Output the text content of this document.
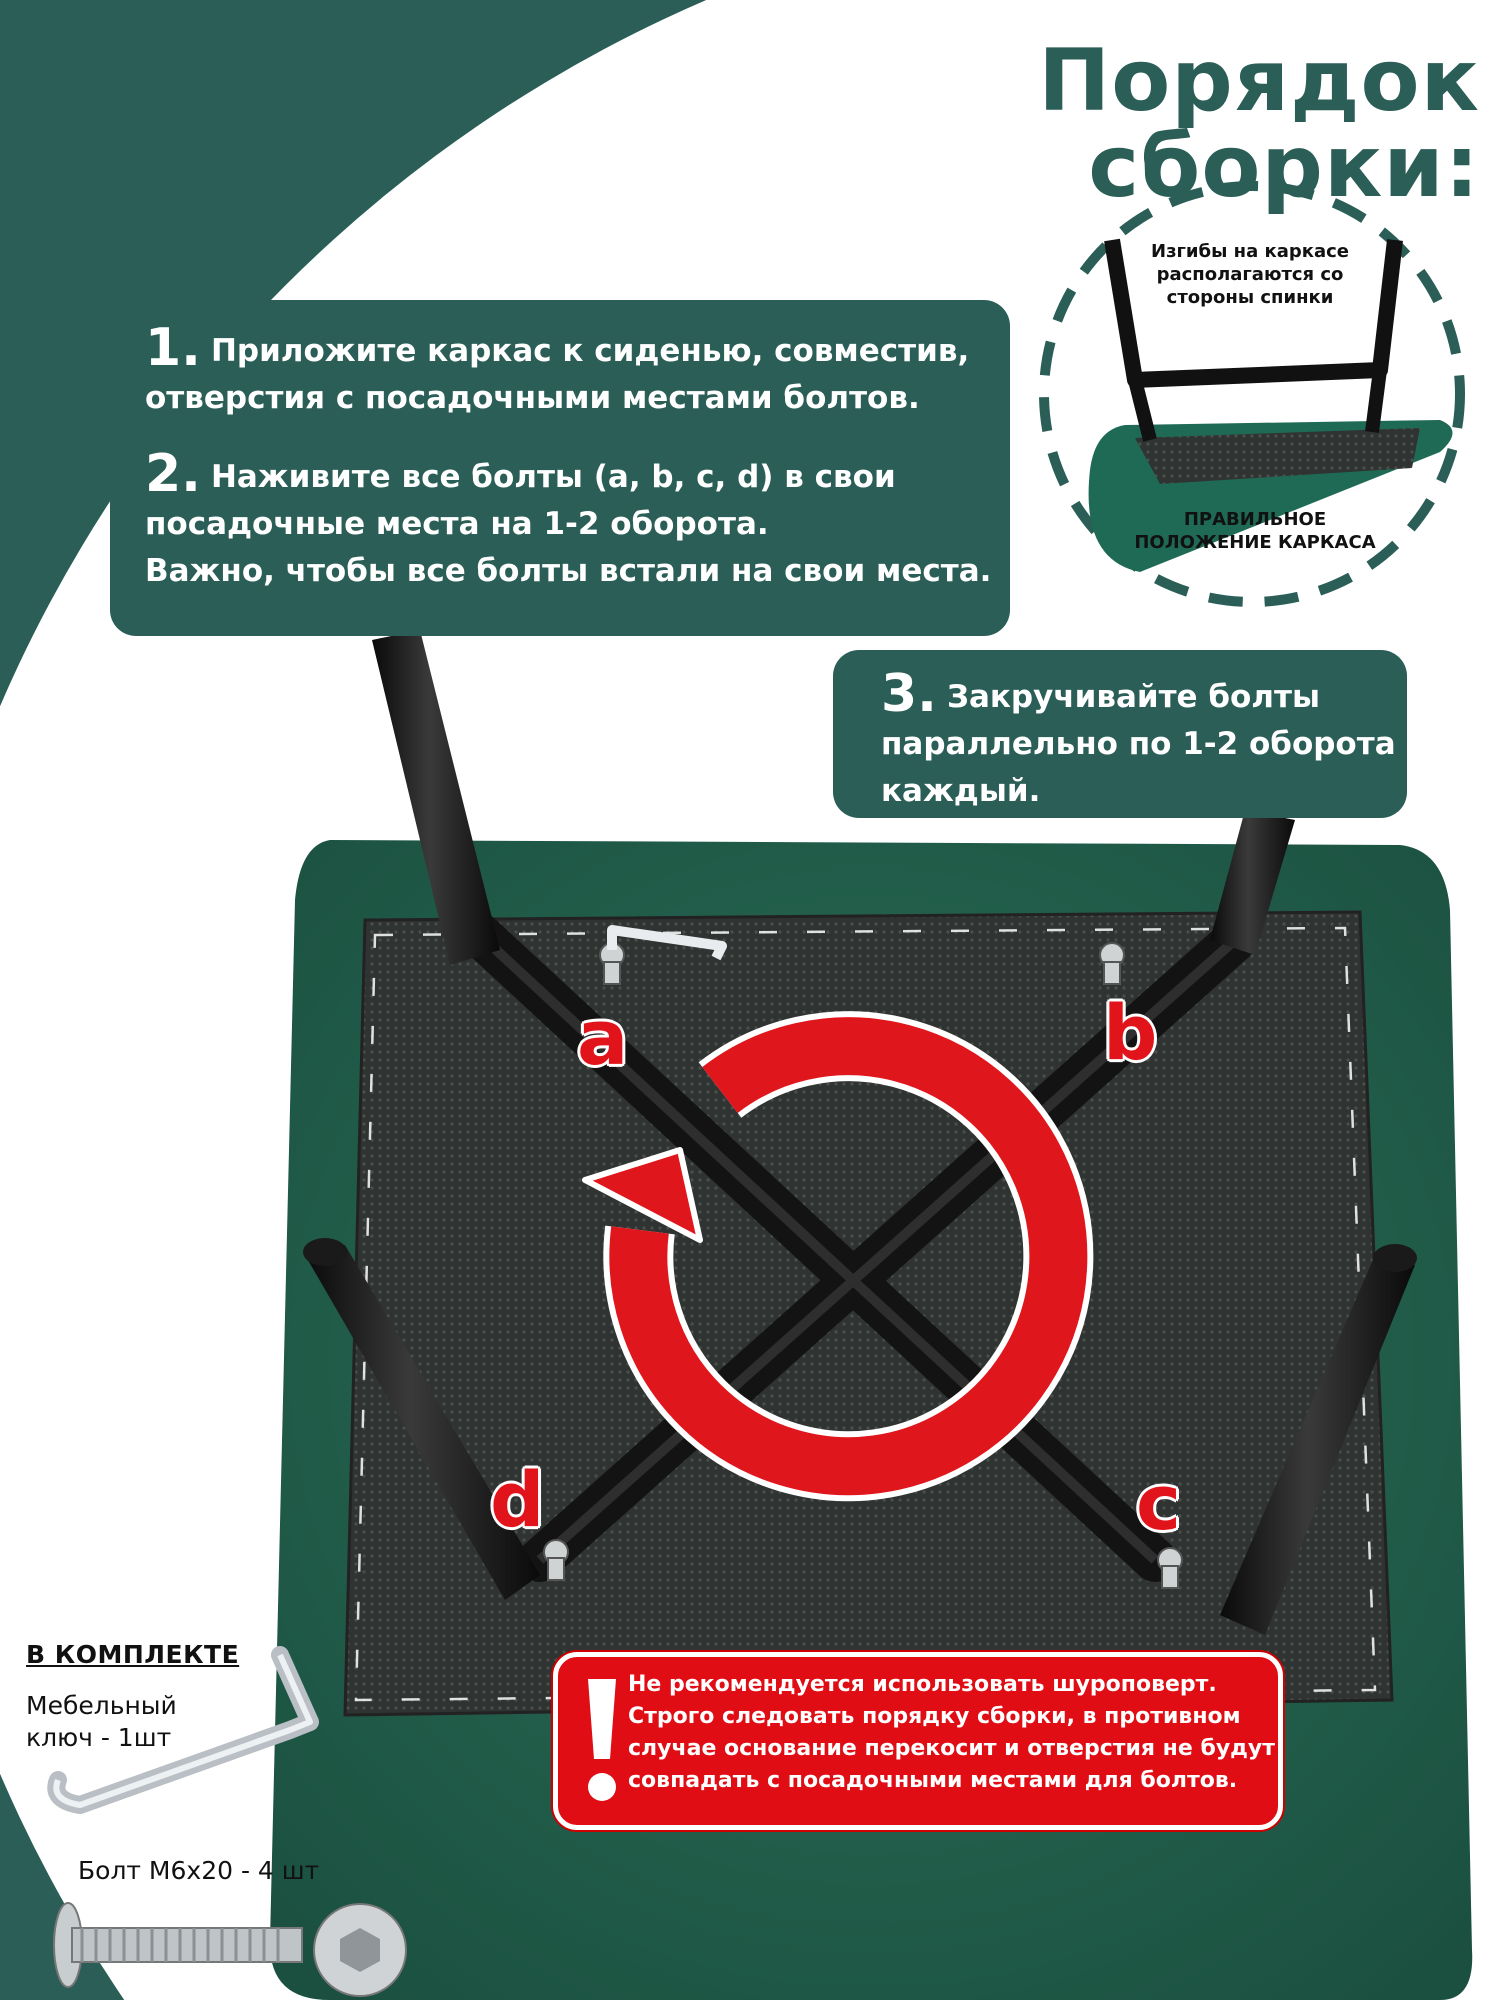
Порядок сборки:
1. Приложите каркас к сиденью, совместив,
отверстия с посадочными местами болтов.
2. Наживите все болты (a, b, c, d) в свои
посадочные места на 1-2 оборота.
Важно, чтобы все болты встали на свои места.
3. Закручивайте болты
параллельно по 1-2 оборота
каждый.
Изгибы на каркасе
располагаются со
стороны спинки
ПРАВИЛЬНОЕ
ПОЛОЖЕНИЕ КАРКАСА
a	b
c
d
Не рекомендуется использовать шуроповерт.
Строго следовать порядку сборки, в противном
случае основание перекосит и отверстия не будут
совпадать с посадочными местами для болтов.
В КОМПЛЕКТЕ
Мебельный
ключ - 1шт
Болт М6х20 - 4 шт
